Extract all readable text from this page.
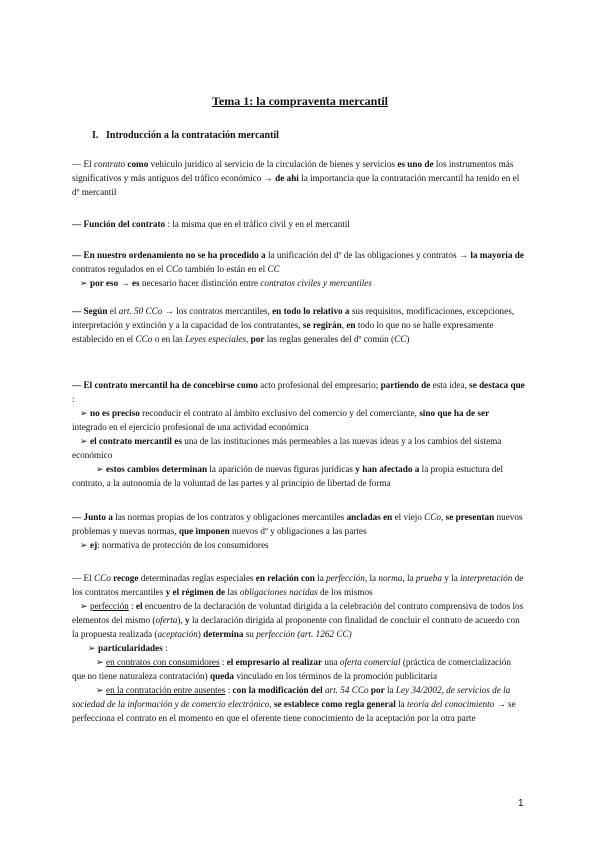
Tema 1: la compraventa mercantil
I. Introducción a la contratación mercantil

— El contrato como vehículo jurídico al servicio de la circulación de bienes y servicios es uno de los instrumentos más significativos y más antiguos del tráfico económico → de ahí la importancia que la contratación mercantil ha tenido en el dº mercantil

— Función del contrato : la misma que en el tráfico civil y en el mercantil

— En nuestro ordenamiento no se ha procedido a la unificación del dº de las obligaciones y contratos → la mayoría de contratos regulados en el CCo también lo están en el CC
➢ por eso → es necesario hacer distinción entre contratos civiles y mercantiles

— Según el art. 50 CCo → los contratos mercantiles, en todo lo relativo a sus requisitos, modificaciones, excepciones, interpretación y extinción y a la capacidad de los contratantes, se regirán, en todo lo que no se halle expresamente establecido en el CCo o en las Leyes especiales, por las reglas generales del dº común (CC)

— El contrato mercantil ha de concebirse como acto profesional del empresario; partiendo de esta idea, se destaca que :
➢ no es preciso reconducir el contrato al ámbito exclusivo del comercio y del comerciante, sino que ha de ser integrado en el ejercicio profesional de una actividad económica
➢ el contrato mercantil es una de las instituciones más permeables a las nuevas ideas y a los cambios del sistema económico
➢ estos cambios determinan la aparición de nuevas figuras jurídicas y han afectado a la propia estuctura del contrato, a la autonomía de la voluntad de las partes y al principio de libertad de forma

— Junto a las normas propias de los contratos y obligaciones mercantiles ancladas en el viejo CCo, se presentan nuevos problemas y nuevas normas, que imponen nuevos dº y obligaciones a las partes
➢ ej: normativa de protección de los consumidores

— El CCo recoge determinadas reglas especiales en relación con la perfección, la norma, la prueba y la interpretación de los contratos mercantiles y el régimen de las obligaciones nacidas de los mismos
➢ perfección : el encuentro de la declaración de voluntad dirigida a la celebración del contrato comprensiva de todos los elementos del mismo (oferta), y la declaración dirigida al proponente con finalidad de concluir el contrato de acuerdo con la propuesta realizada (aceptación) determina su perfección (art. 1262 CC)
➢ particularidades :
➢ en contratos con consumidores : el empresario al realizar una oferta comercial (práctica de comercialización que no tiene naturaleza contratación) queda vinculado en los términos de la promoción publicitaria
➢ en la contratación entre ausentes : con la modificación del art. 54 CCo por la Ley 34/2002, de servicios de la sociedad de la información y de comercio electrónico, se establece como regla general la teoría del conocimiento → se perfecciona el contrato en el momento en que el oferente tiene conocimiento de la aceptación por la otra parte

1
